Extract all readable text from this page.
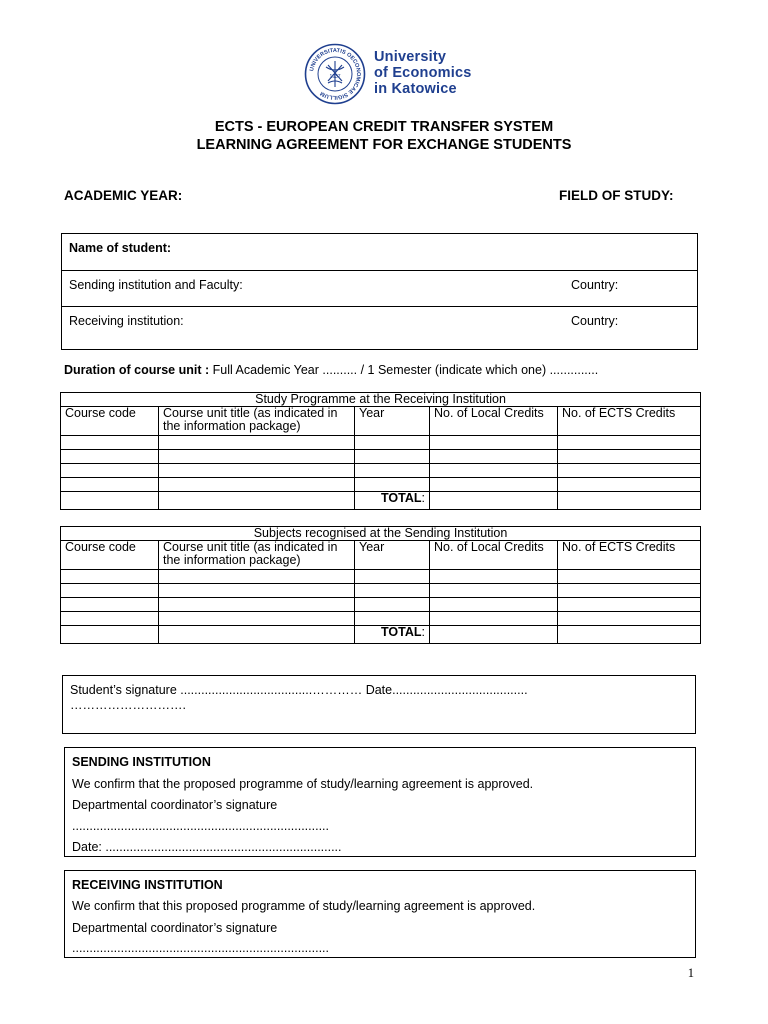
UNIVERSITATIS OECONOMICAE SIGILLUM
1937
University
of Economics
in Katowice
ECTS - EUROPEAN CREDIT TRANSFER SYSTEM
LEARNING AGREEMENT FOR EXCHANGE STUDENTS
ACADEMIC YEAR:	FIELD OF STUDY:
Name of student:
Sending institution and Faculty:	Country:
Receiving institution:	Country:
Duration of course unit : Full Academic Year .......... / 1 Semester (indicate which one) ..............
Study Programme at the Receiving Institution				
Course code	Course unit title (as indicated in the information package)	Year	No. of Local Credits	No. of ECTS Credits

		TOTAL:		
Subjects recognised at the Sending Institution				
Course code	Course unit title (as indicated in the information package)	Year	No. of Local Credits	No. of ECTS Credits

		TOTAL:		
Student’s signature ......................................………… Date.......................................
……………………….
SENDING INSTITUTION
We confirm that the proposed programme of study/learning agreement is approved.
Departmental coordinator’s signature
..........................................................................
Date: ....................................................................
RECEIVING INSTITUTION
We confirm that this proposed programme of study/learning agreement is approved.
Departmental coordinator’s signature
..........................................................................
1
